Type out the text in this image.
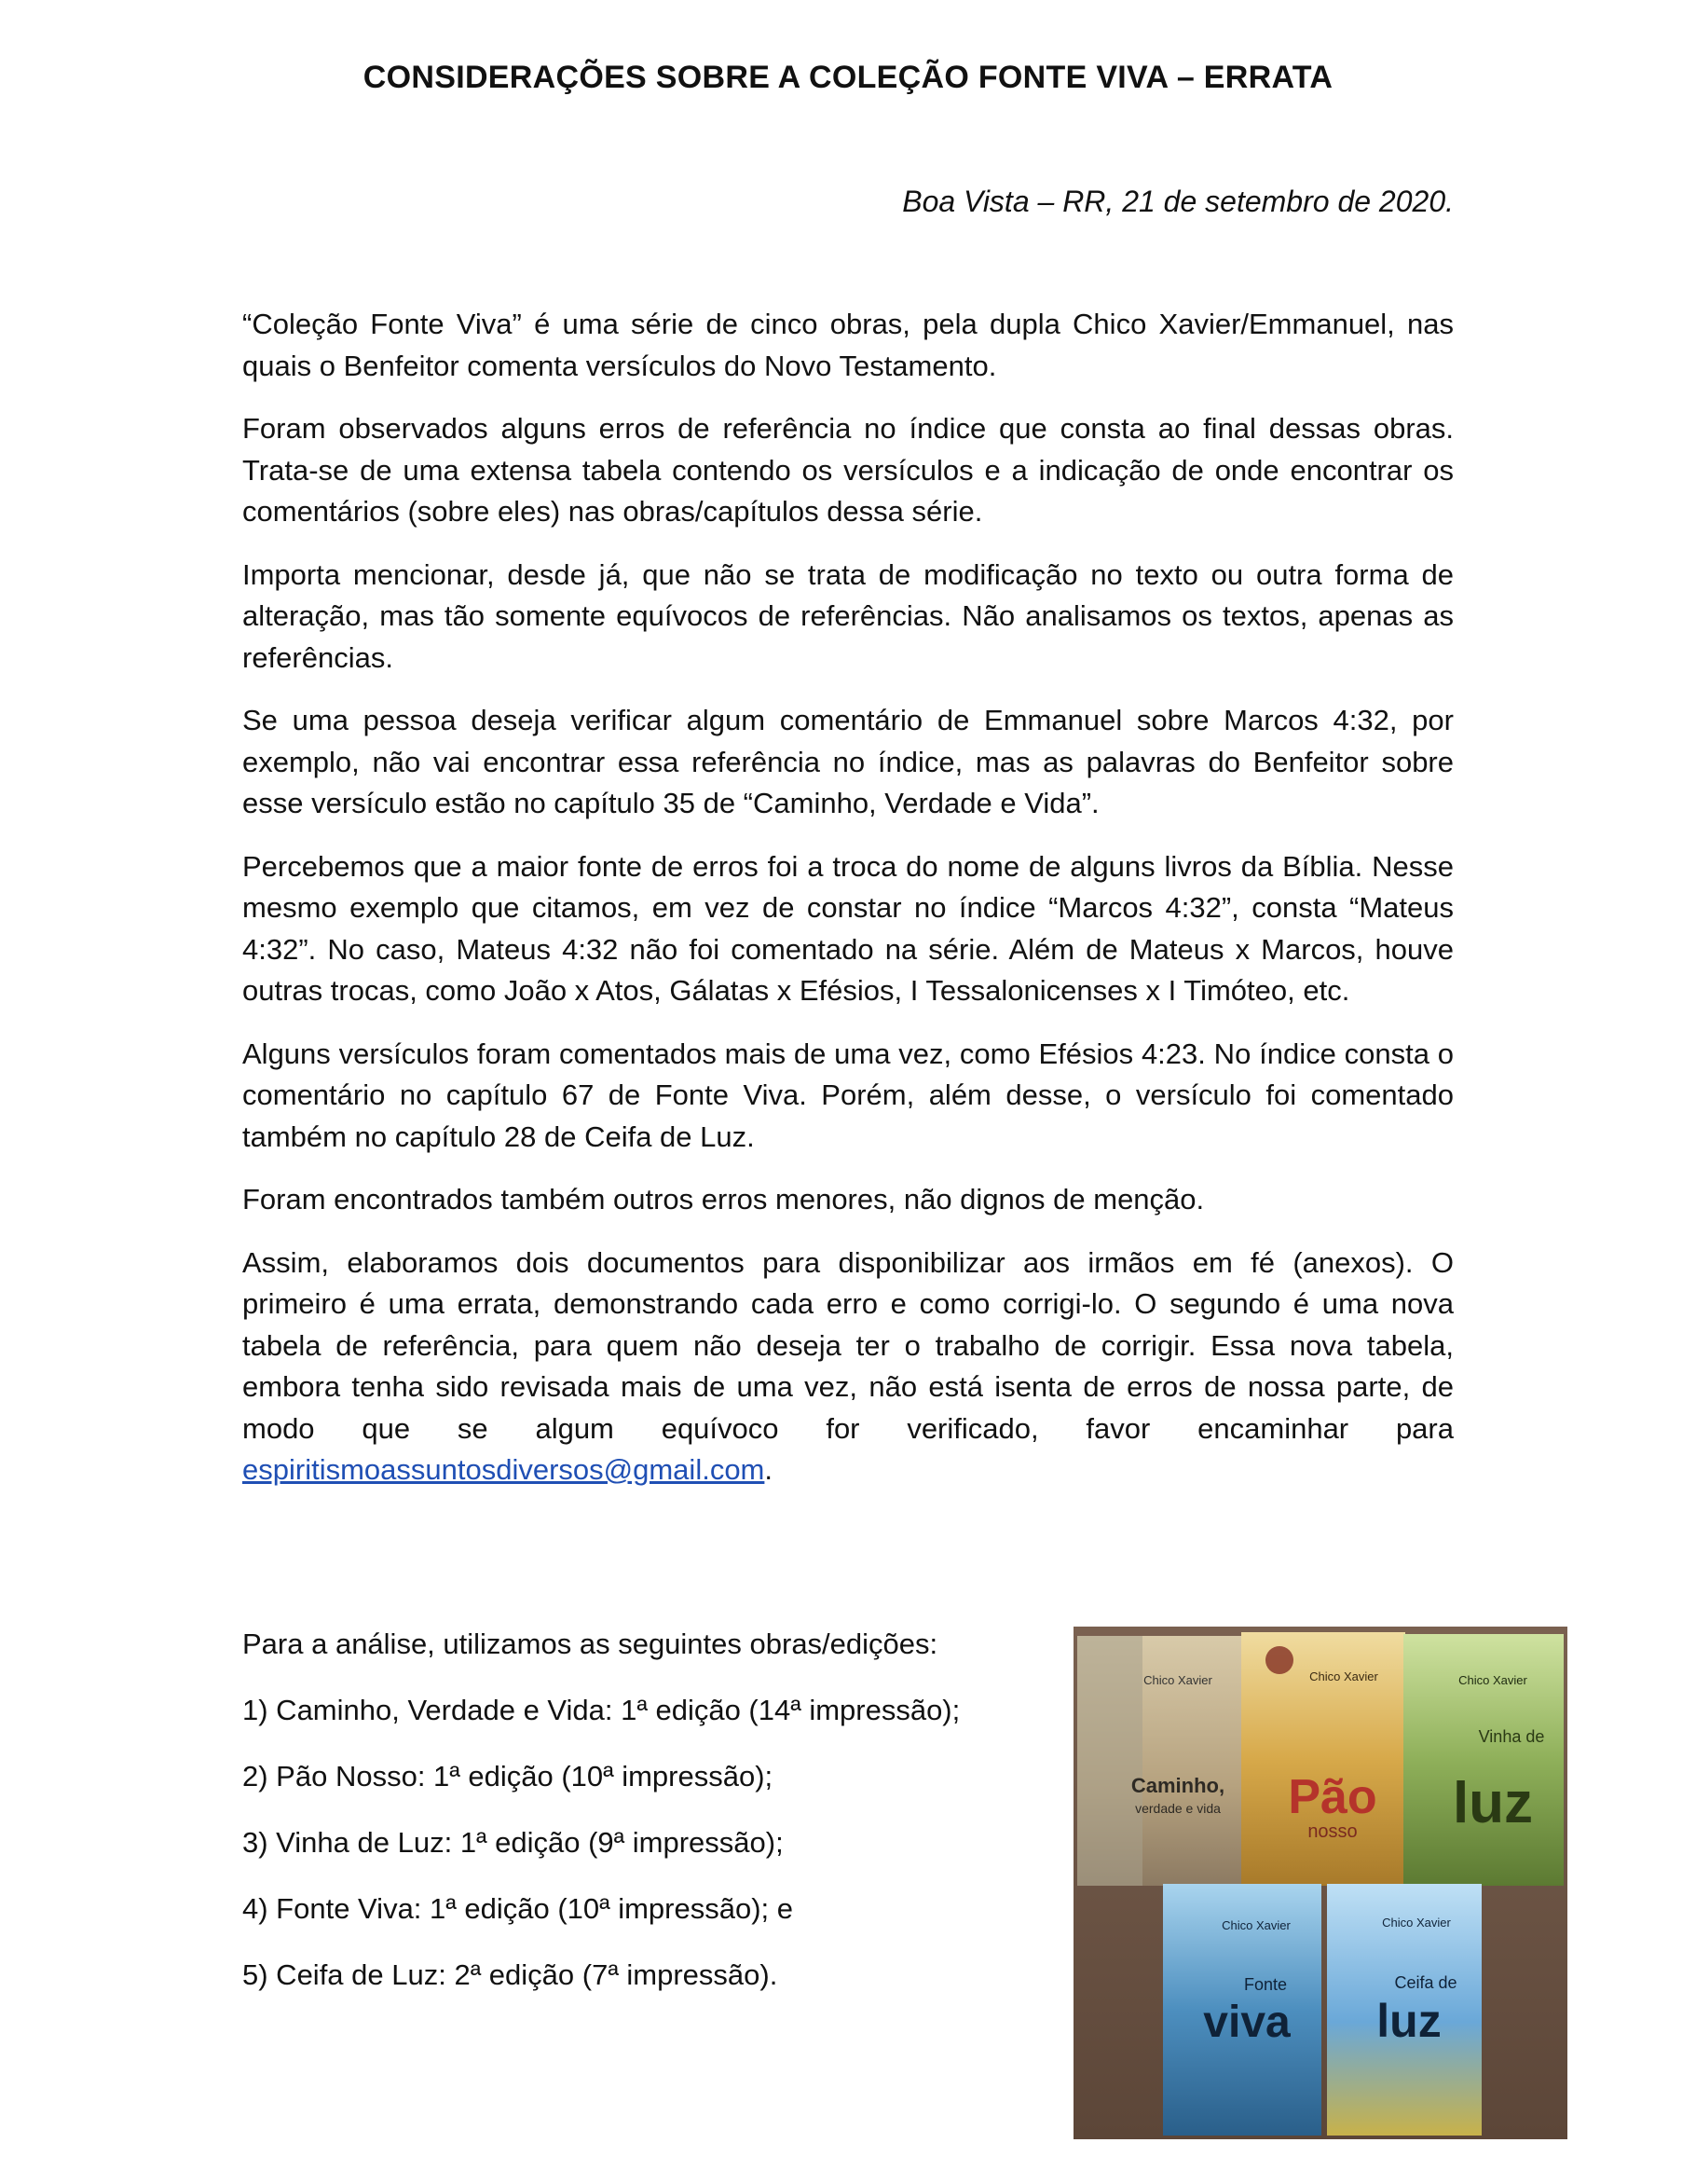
CONSIDERAÇÕES SOBRE A COLEÇÃO FONTE VIVA – ERRATA
Boa Vista – RR, 21 de setembro de 2020.

“Coleção Fonte Viva” é uma série de cinco obras, pela dupla Chico Xavier/Emmanuel, nas quais o Benfeitor comenta versículos do Novo Testamento.

Foram observados alguns erros de referência no índice que consta ao final dessas obras. Trata-se de uma extensa tabela contendo os versículos e a indicação de onde encontrar os comentários (sobre eles) nas obras/capítulos dessa série.

Importa mencionar, desde já, que não se trata de modificação no texto ou outra forma de alteração, mas tão somente equívocos de referências. Não analisamos os textos, apenas as referências.

Se uma pessoa deseja verificar algum comentário de Emmanuel sobre Marcos 4:32, por exemplo, não vai encontrar essa referência no índice, mas as palavras do Benfeitor sobre esse versículo estão no capítulo 35 de “Caminho, Verdade e Vida”.

Percebemos que a maior fonte de erros foi a troca do nome de alguns livros da Bíblia. Nesse mesmo exemplo que citamos, em vez de constar no índice “Marcos 4:32”, consta “Mateus 4:32”. No caso, Mateus 4:32 não foi comentado na série. Além de Mateus x Marcos, houve outras trocas, como João x Atos, Gálatas x Efésios, I Tessalonicenses x I Timóteo, etc.

Alguns versículos foram comentados mais de uma vez, como Efésios 4:23. No índice consta o comentário no capítulo 67 de Fonte Viva. Porém, além desse, o versículo foi comentado também no capítulo 28 de Ceifa de Luz.

Foram encontrados também outros erros menores, não dignos de menção.

Assim, elaboramos dois documentos para disponibilizar aos irmãos em fé (anexos). O primeiro é uma errata, demonstrando cada erro e como corrigi-lo. O segundo é uma nova tabela de referência, para quem não deseja ter o trabalho de corrigir. Essa nova tabela, embora tenha sido revisada mais de uma vez, não está isenta de erros de nossa parte, de modo que se algum equívoco for verificado, favor encaminhar para espiritismoassuntosdiversos@gmail.com.

Para a análise, utilizamos as seguintes obras/edições:
1) Caminho, Verdade e Vida: 1ª edição (14ª impressão);
2) Pão Nosso: 1ª edição (10ª impressão);
3) Vinha de Luz: 1ª edição (9ª impressão);
4) Fonte Viva: 1ª edição (10ª impressão); e
5) Ceifa de Luz: 2ª edição (7ª impressão).
Chico Xavier
Caminho,
verdade e vida
Chico Xavier
Pão
nosso
Chico Xavier
Vinha de
luz
Chico Xavier
Fonte
viva
Chico Xavier
Ceifa de
luz
